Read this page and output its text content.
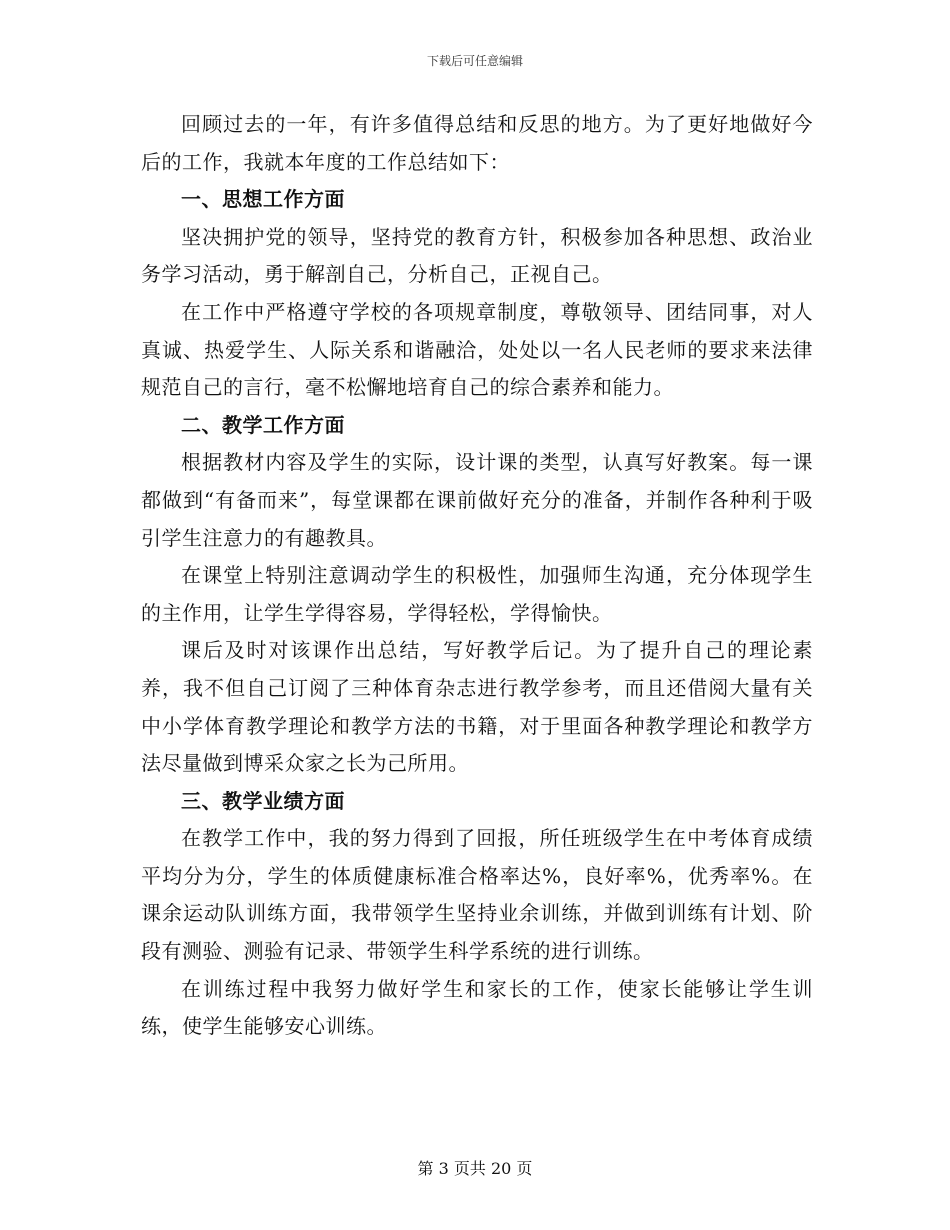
下载后可任意编辑

回顾过去的一年，有许多值得总结和反思的地方。为了更好地做好今后的工作，我就本年度的工作总结如下：

一、思想工作方面

坚决拥护党的领导，坚持党的教育方针，积极参加各种思想、政治业务学习活动，勇于解剖自己，分析自己，正视自己。

在工作中严格遵守学校的各项规章制度，尊敬领导、团结同事，对人真诚、热爱学生、人际关系和谐融洽，处处以一名人民老师的要求来法律规范自己的言行，毫不松懈地培育自己的综合素养和能力。

二、教学工作方面

根据教材内容及学生的实际，设计课的类型，认真写好教案。每一课都做到“有备而来”，每堂课都在课前做好充分的准备，并制作各种利于吸引学生注意力的有趣教具。

在课堂上特别注意调动学生的积极性，加强师生沟通，充分体现学生的主作用，让学生学得容易，学得轻松，学得愉快。

课后及时对该课作出总结，写好教学后记。为了提升自己的理论素养，我不但自己订阅了三种体育杂志进行教学参考，而且还借阅大量有关中小学体育教学理论和教学方法的书籍，对于里面各种教学理论和教学方法尽量做到博采众家之长为己所用。

三、教学业绩方面

在教学工作中，我的努力得到了回报，所任班级学生在中考体育成绩平均分为分，学生的体质健康标准合格率达%，良好率%，优秀率%。在课余运动队训练方面，我带领学生坚持业余训练，并做到训练有计划、阶段有测验、测验有记录、带领学生科学系统的进行训练。

在训练过程中我努力做好学生和家长的工作，使家长能够让学生训练，使学生能够安心训练。

第 3 页共 20 页
